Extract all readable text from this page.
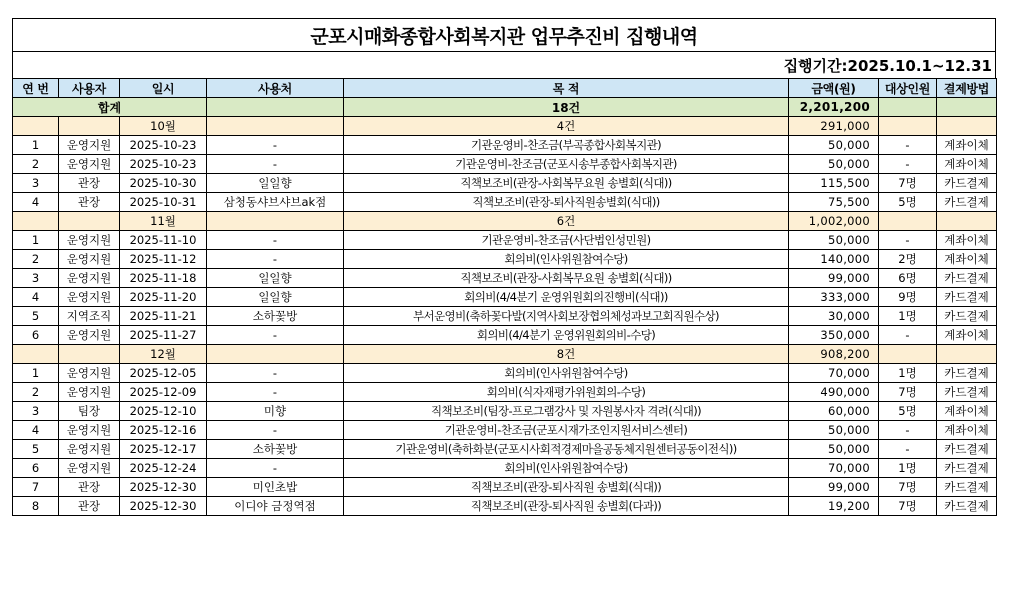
군포시매화종합사회복지관 업무추진비 집행내역
집행기간:2025.10.1~12.31
연 번	사용자	일시	사용처	목 적	금액(원)	대상인원	결제방법
합계				18건	2,201,200		
		10월		4건	291,000		
1	운영지원	2025-10-23	-	기관운영비-찬조금(부곡종합사회복지관)	50,000	-	계좌이체
2	운영지원	2025-10-23	-	기관운영비-찬조금(군포시송부종합사회복지관)	50,000	-	계좌이체
3	관장	2025-10-30	일일향	직책보조비(관장-사회복무요원 송별회(식대))	115,500	7명	카드결제
4	관장	2025-10-31	삼청동샤브샤브ak점	직책보조비(관장-퇴사직원송별회(식대))	75,500	5명	카드결제
		11월		6건	1,002,000		
1	운영지원	2025-11-10	-	기관운영비-찬조금(사단법인성민원)	50,000	-	계좌이체
2	운영지원	2025-11-12	-	회의비(인사위원참여수당)	140,000	2명	계좌이체
3	운영지원	2025-11-18	일일향	직책보조비(관장-사회복무요원 송별회(식대))	99,000	6명	카드결제
4	운영지원	2025-11-20	일일향	회의비(4/4분기 운영위원회의진행비(식대))	333,000	9명	카드결제
5	지역조직	2025-11-21	소하꽃방	부서운영비(축하꽃다발(지역사회보장협의체성과보고회직원수상)	30,000	1명	카드결제
6	운영지원	2025-11-27	-	회의비(4/4분기 운영위원회의비-수당)	350,000	-	계좌이체
		12월		8건	908,200		
1	운영지원	2025-12-05	-	회의비(인사위원참여수당)	70,000	1명	카드결제
2	운영지원	2025-12-09	-	회의비(식자재평가위원회의-수당)	490,000	7명	카드결제
3	팀장	2025-12-10	미향	직책보조비(팀장-프로그램강사 및 자원봉사자 격려(식대))	60,000	5명	계좌이체
4	운영지원	2025-12-16	-	기관운영비-찬조금(군포시재가조인지원서비스센터)	50,000	-	계좌이체
5	운영지원	2025-12-17	소하꽃방	기관운영비(축하화분(군포시사회적경제마을공동체지원센터공동이전식))	50,000	-	카드결제
6	운영지원	2025-12-24	-	회의비(인사위원참여수당)	70,000	1명	카드결제
7	관장	2025-12-30	미인초밥	직책보조비(관장-퇴사직원 송별회(식대))	99,000	7명	카드결제
8	관장	2025-12-30	이디야 금정역점	직책보조비(관장-퇴사직원 송별회(다과))	19,200	7명	카드결제
